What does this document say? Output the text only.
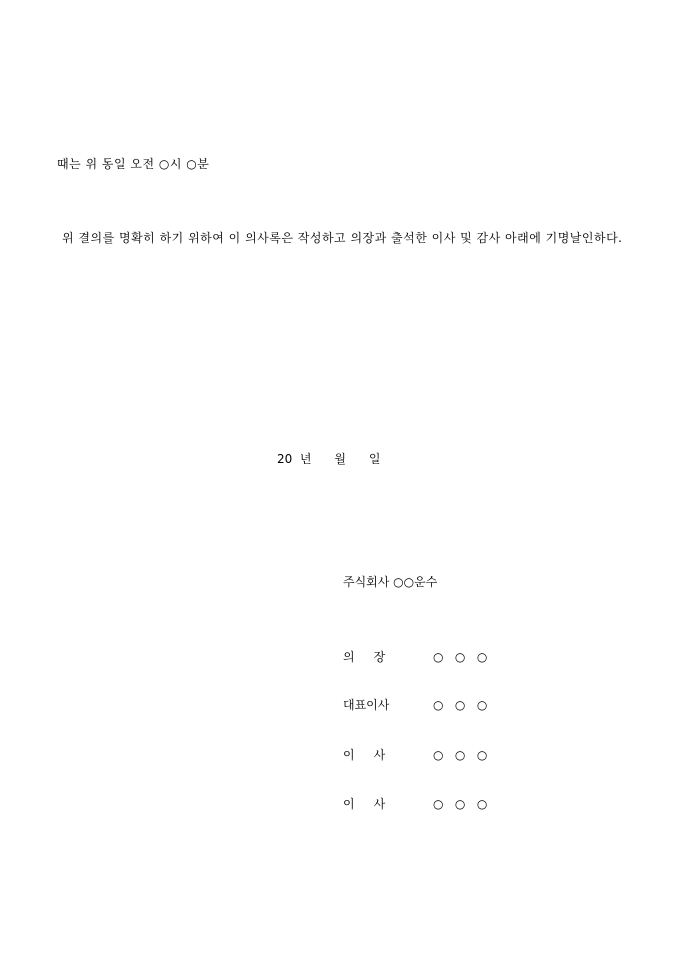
때는 위 동일 오전 ○시 ○분
위 결의를 명확히 하기 위하여 이 의사록은 작성하고 의장과 출석한 이사 및 감사 아래에 기명날인하다.
20  년      월      일
주식회사 ○○운수
의     장	○   ○   ○
대표이사	○   ○   ○
이     사	○   ○   ○
이     사	○   ○   ○
